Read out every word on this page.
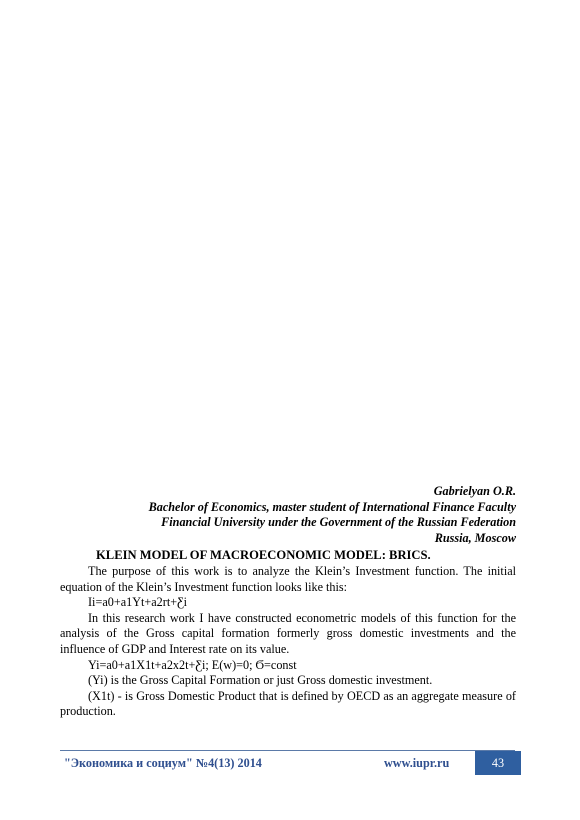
Gabrielyan O.R.
Bachelor of Economics, master student of International Finance Faculty
Financial University under the Government of the Russian Federation
Russia, Moscow
KLEIN MODEL OF MACROECONOMIC MODEL: BRICS.

The purpose of this work is to analyze the Klein’s Investment function. The initial equation of the Klein’s Investment function looks like this:

Ii=a0+a1Yt+a2rt+Ƹi

In this research work I have constructed econometric models of this function for the analysis of the Gross capital formation formerly gross domestic investments and the influence of GDP and Interest rate on its value.

Yi=a0+a1X1t+a2x2t+Ƹi; E(w)=0; Ϭ=const

(Yi) is the Gross Capital Formation or just Gross domestic investment.

(X1t) - is Gross Domestic Product that is defined by OECD as an aggregate measure of production.

"Экономика и социум" №4(13) 2014	www.iupr.ru	43
